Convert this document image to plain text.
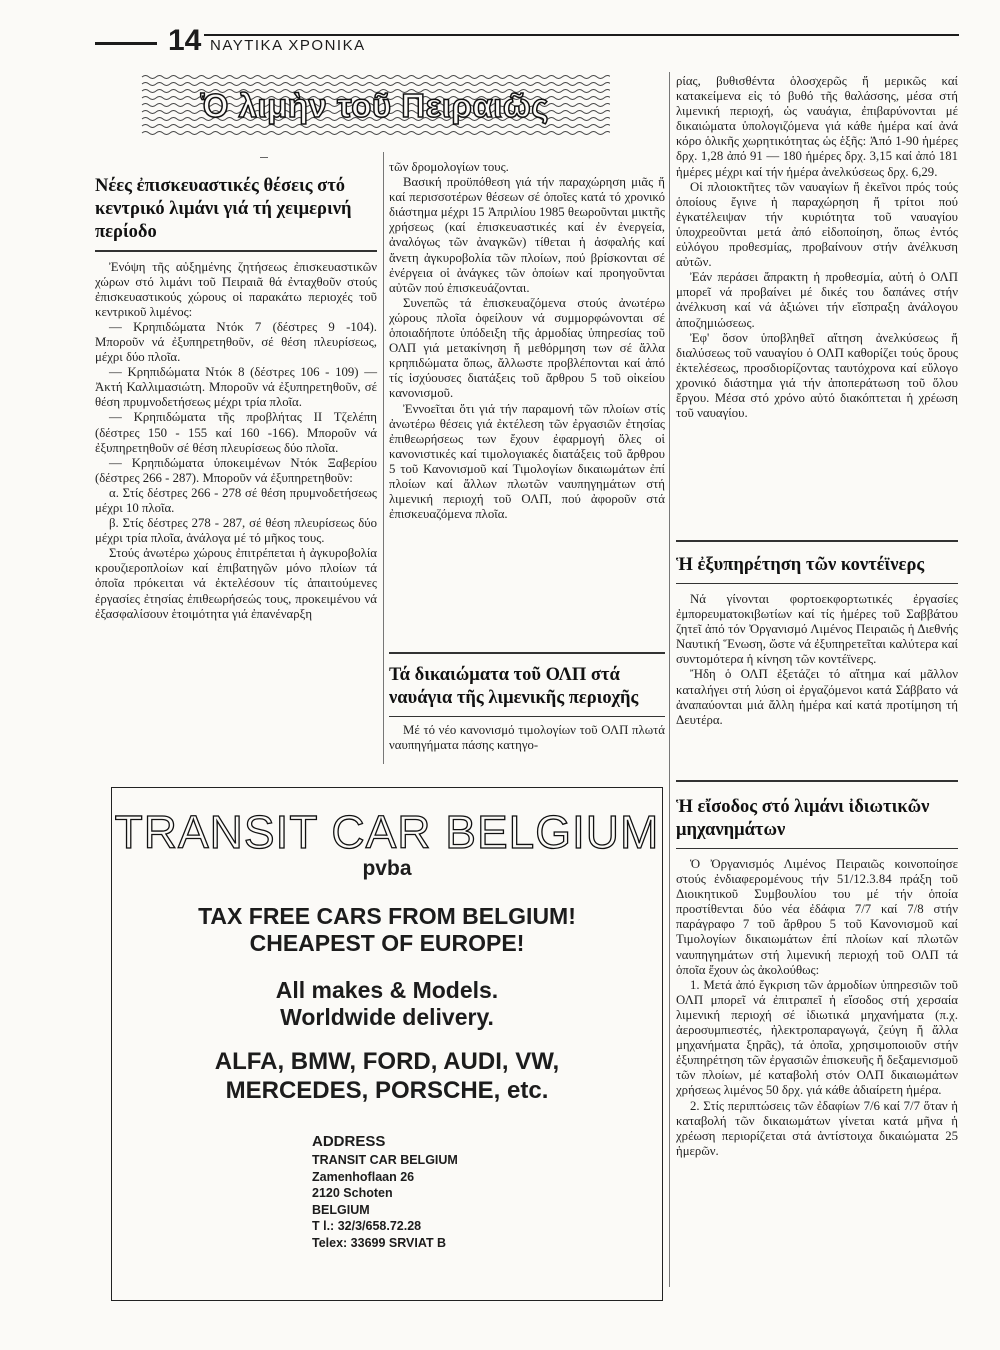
14 ΝΑΥΤΙΚΑ ΧΡΟΝΙΚΑ
Ὁ λιμὴν τοῦ Πειραιῶς
Νέες ἐπισκευαστικές θέσεις στό κεντρικό λιμάνι γιά τή χειμερινή περίοδο

Ἐνόψη τῆς αὐξημένης ζητήσεως ἐπισκευαστικῶν χώρων στό λιμάνι τοῦ Πειραιᾶ θά ἐνταχθοῦν στούς ἐπισκευαστικούς χώρους οἱ παρακάτω περιοχές τοῦ κεντρικοῦ λιμένος:

— Κρηπιδώματα Ντόκ 7 (δέστρες 9 -104). Μποροῦν νά ἐξυπηρετηθοῦν, σέ θέση πλευρίσεως, μέχρι δύο πλοῖα.

— Κρηπιδώματα Ντόκ 8 (δέστρες 106 - 109) — Ἀκτή Καλλιμασιώτη. Μποροῦν νά ἐξυπηρετηθοῦν, σέ θέση πρυμνοδετήσεως μέχρι τρία πλοῖα.

— Κρηπιδώματα τῆς προβλήτας ΙΙ Τζελέπη (δέστρες 150 - 155 καί 160 -166). Μποροῦν νά ἐξυπηρετηθοῦν σέ θέση πλευρίσεως δύο πλοῖα.

— Κρηπιδώματα ὑποκειμένων Ντόκ Ξαβερίου (δέστρες 266 - 287). Μποροῦν νά ἐξυπηρετηθοῦν:

α. Στίς δέστρες 266 - 278 σέ θέση πρυμνοδετήσεως μέχρι 10 πλοῖα.

β. Στίς δέστρες 278 - 287, σέ θέση πλευρίσεως δύο μέχρι τρία πλοῖα, ἀνάλογα μέ τό μῆκος τους.

Στούς ἀνωτέρω χώρους ἐπιτρέπεται ἡ ἀγκυροβολία κρουζιεροπλοίων καί ἐπιβατηγῶν μόνο πλοίων τά ὁποῖα πρόκειται νά ἐκτελέσουν τίς ἀπαιτούμενες ἐργασίες ἐτησίας ἐπιθεωρήσεώς τους, προκειμένου νά ἐξασφαλίσουν ἑτοιμότητα γιά ἐπανέναρξη

τῶν δρομολογίων τους.

Βασική προϋπόθεση γιά τήν παραχώρηση μιᾶς ἤ καί περισσοτέρων θέσεων σέ ὁποῖες κατά τό χρονικό διάστημα μέχρι 15 Ἀπριλίου 1985 θεωροῦνται μικτῆς χρήσεως (καί ἐπισκευαστικές καί ἐν ἐνεργεία, ἀναλόγως τῶν ἀναγκῶν) τίθεται ἡ ἀσφαλής καί ἄνετη ἀγκυροβολία τῶν πλοίων, πού βρίσκονται σέ ἐνέργεια οἱ ἀνάγκες τῶν ὁποίων καί προηγοῦνται αὐτῶν πού ἐπισκευάζονται.

Συνεπῶς τά ἐπισκευαζόμενα στούς ἀνωτέρω χώρους πλοῖα ὀφείλουν νά συμμορφώνονται σέ ὁποιαδήποτε ὑπόδειξη τῆς ἁρμοδίας ὑπηρεσίας τοῦ ΟΛΠ γιά μετακίνηση ἤ μεθόρμηση των σέ ἄλλα κρηπιδώματα ὅπως, ἄλλωστε προβλέπονται καί ἀπό τίς ἰσχύουσες διατάξεις τοῦ ἄρθρου 5 τοῦ οἰκείου κανονισμοῦ.

Ἐννοεῖται ὅτι γιά τήν παραμονή τῶν πλοίων στίς ἀνωτέρω θέσεις γιά ἐκτέλεση τῶν ἐργασιῶν ἐτησίας ἐπιθεωρήσεως των ἔχουν ἐφαρμογή ὅλες οἱ κανονιστικές καί τιμολογιακές διατάξεις τοῦ ἄρθρου 5 τοῦ Κανονισμοῦ καί Τιμολογίων δικαιωμάτων ἐπί πλοίων καί ἄλλων πλωτῶν ναυπηγημάτων στή λιμενική περιοχή τοῦ ΟΛΠ, πού ἀφοροῦν στά ἐπισκευαζόμενα πλοῖα.

Τά δικαιώματα τοῦ ΟΛΠ στά ναυάγια τῆς λιμενικῆς περιοχῆς

Μέ τό νέο κανονισμό τιμολογίων τοῦ ΟΛΠ πλωτά ναυπηγήματα πάσης κατηγο-

ρίας, βυθισθέντα ὁλοσχερῶς ἤ μερικῶς καί κατακείμενα εἰς τό βυθό τῆς θαλάσσης, μέσα στή λιμενική περιοχή, ὡς ναυάγια, ἐπιβαρύνονται μέ δικαιώματα ὑπολογιζόμενα γιά κάθε ἡμέρα καί ἀνά κόρο ὁλικῆς χωρητικότητας ὡς ἑξῆς: Ἀπό 1-90 ἡμέρες δρχ. 1,28 ἀπό 91 — 180 ἡμέρες δρχ. 3,15 καί ἀπό 181 ἡμέρες μέχρι καί τήν ἡμέρα ἀνελκύσεως δρχ. 6,29.

Οἱ πλοιοκτῆτες τῶν ναυαγίων ἤ ἐκεῖνοι πρός τούς ὁποίους ἔγινε ἡ παραχώρηση ἤ τρίτοι πού ἐγκατέλειψαν τήν κυριότητα τοῦ ναυαγίου ὑποχρεοῦνται μετά ἀπό εἰδοποίηση, ὅπως ἐντός εὐλόγου προθεσμίας, προβαίνουν στήν ἀνέλκυση αὐτῶν.

Ἐάν περάσει ἄπρακτη ἡ προθεσμία, αὐτή ὁ ΟΛΠ μπορεῖ νά προβαίνει μέ δικές του δαπάνες στήν ἀνέλκυση καί νά ἀξιώνει τήν εἴσπραξη ἀνάλογου ἀποζημιώσεως.

Ἐφ' ὅσον ὑποβληθεῖ αἴτηση ἀνελκύσεως ἤ διαλύσεως τοῦ ναυαγίου ὁ ΟΛΠ καθορίζει τούς ὅρους ἐκτελέσεως, προσδιορίζοντας ταυτόχρονα καί εὔλογο χρονικό διάστημα γιά τήν ἀποπεράτωση τοῦ ὅλου ἔργου. Μέσα στό χρόνο αὐτό διακόπτεται ἡ χρέωση τοῦ ναυαγίου.

Ἡ ἐξυπηρέτηση τῶν κοντέϊνερς

Νά γίνονται φορτοεκφορτωτικές ἐργασίες ἐμπορευματοκιβωτίων καί τίς ἡμέρες τοῦ Σαββάτου ζητεῖ ἀπό τόν Ὀργανισμό Λιμένος Πειραιῶς ἡ Διεθνής Ναυτική Ἕνωση, ὥστε νά ἐξυπηρετεῖται καλύτερα καί συντομότερα ἡ κίνηση τῶν κοντέϊνερς.

Ἤδη ὁ ΟΛΠ ἐξετάζει τό αἴτημα καί μᾶλλον καταλήγει στή λύση οἱ ἐργαζόμενοι κατά Σάββατο νά ἀναπαύονται μιά ἄλλη ἡμέρα καί κατά προτίμηση τή Δευτέρα.

Ἡ εἴσοδος στό λιμάνι ἰδιωτικῶν μηχανημάτων

Ὁ Ὀργανισμός Λιμένος Πειραιῶς κοινοποίησε στούς ἐνδιαφερομένους τήν 51/12.3.84 πράξη τοῦ Διοικητικοῦ Συμβουλίου του μέ τήν ὁποία προστίθενται δύο νέα ἐδάφια 7/7 καί 7/8 στήν παράγραφο 7 τοῦ ἄρθρου 5 τοῦ Κανονισμοῦ καί Τιμολογίων δικαιωμάτων ἐπί πλοίων καί πλωτῶν ναυπηγημάτων στή λιμενική περιοχή τοῦ ΟΛΠ τά ὁποῖα ἔχουν ὡς ἀκολούθως:

1. Μετά ἀπό ἔγκριση τῶν ἁρμοδίων ὑπηρεσιῶν τοῦ ΟΛΠ μπορεῖ νά ἐπιτραπεῖ ἡ εἴσοδος στή χερσαία λιμενική περιοχή σέ ἰδιωτικά μηχανήματα (π.χ. ἀεροσυμπιεστές, ἠλεκτροπαραγωγά, ζεύγη ἤ ἄλλα μηχανήματα ξηρᾶς), τά ὁποῖα, χρησιμοποιοῦν στήν ἐξυπηρέτηση τῶν ἐργασιῶν ἐπισκευῆς ἤ δεξαμενισμοῦ τῶν πλοίων, μέ καταβολή στόν ΟΛΠ δικαιωμάτων χρήσεως λιμένος 50 δρχ. γιά κάθε ἀδιαίρετη ἡμέρα.

2. Στίς περιπτώσεις τῶν ἐδαφίων 7/6 καί 7/7 ὅταν ἡ καταβολή τῶν δικαιωμάτων γίνεται κατά μῆνα ἡ χρέωση περιορίζεται στά ἀντίστοιχα δικαιώματα 25 ἡμερῶν.

TRANSIT CAR BELGIUM
pvba
TAX FREE CARS FROM BELGIUM!
CHEAPEST OF EUROPE!
All makes & Models.
Worldwide delivery.
ALFA, BMW, FORD, AUDI, VW,
MERCEDES, PORSCHE, etc.
ADDRESS
TRANSIT CAR BELGIUM
Zamenhoflaan 26
2120 Schoten
BELGIUM
T l.: 32/3/658.72.28
Telex: 33699 SRVIAT B
